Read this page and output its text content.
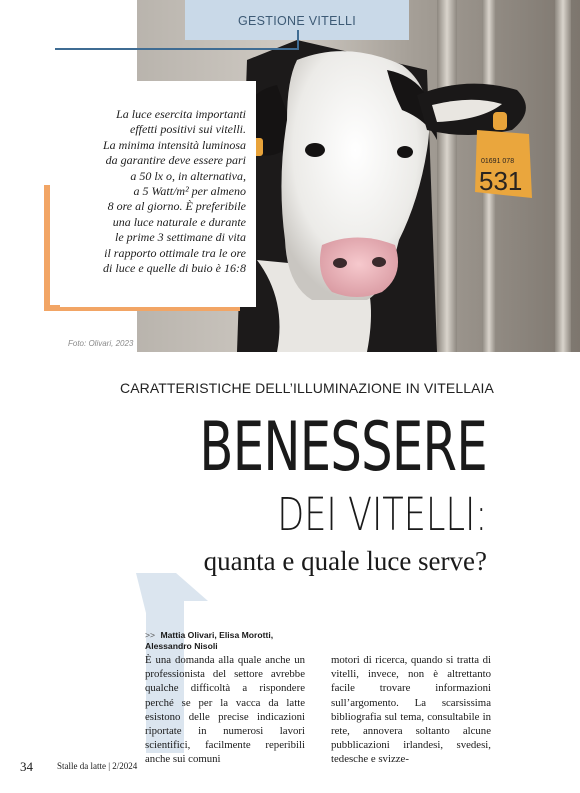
01691 078
531
GESTIONE VITELLI
La luce esercita importanti
effetti positivi sui vitelli.
La minima intensità luminosa
da garantire deve essere pari
a 50 lx o, in alternativa,
a 5 Watt/m² per almeno
8 ore al giorno. È preferibile
una luce naturale e durante
le prime 3 settimane di vita
il rapporto ottimale tra le ore
di luce e quelle di buio è 16:8
Foto: Olivari, 2023
CARATTERISTICHE DELL’ILLUMINAZIONE IN VITELLAIA
BENESSERE
DEI VITELLI:
quanta e quale luce serve?
>> Mattia Olivari, Elisa Morotti,
Alessandro Nisoli

È una domanda alla quale anche un professionista del settore avrebbe qualche difficoltà a rispondere perché se per la vacca da latte esistono delle precise indicazioni riportate in numerosi lavori scientifici, facilmente reperibili anche sui comuni

motori di ricerca, quando si tratta di vitelli, invece, non è altrettanto facile trovare informazioni sull’argomento. La scarsissima bibliografia sul tema, consultabile in rete, annovera soltanto alcune pubblicazioni irlandesi, svedesi, tedesche e svizze-

34	Stalle da latte | 2/2024
